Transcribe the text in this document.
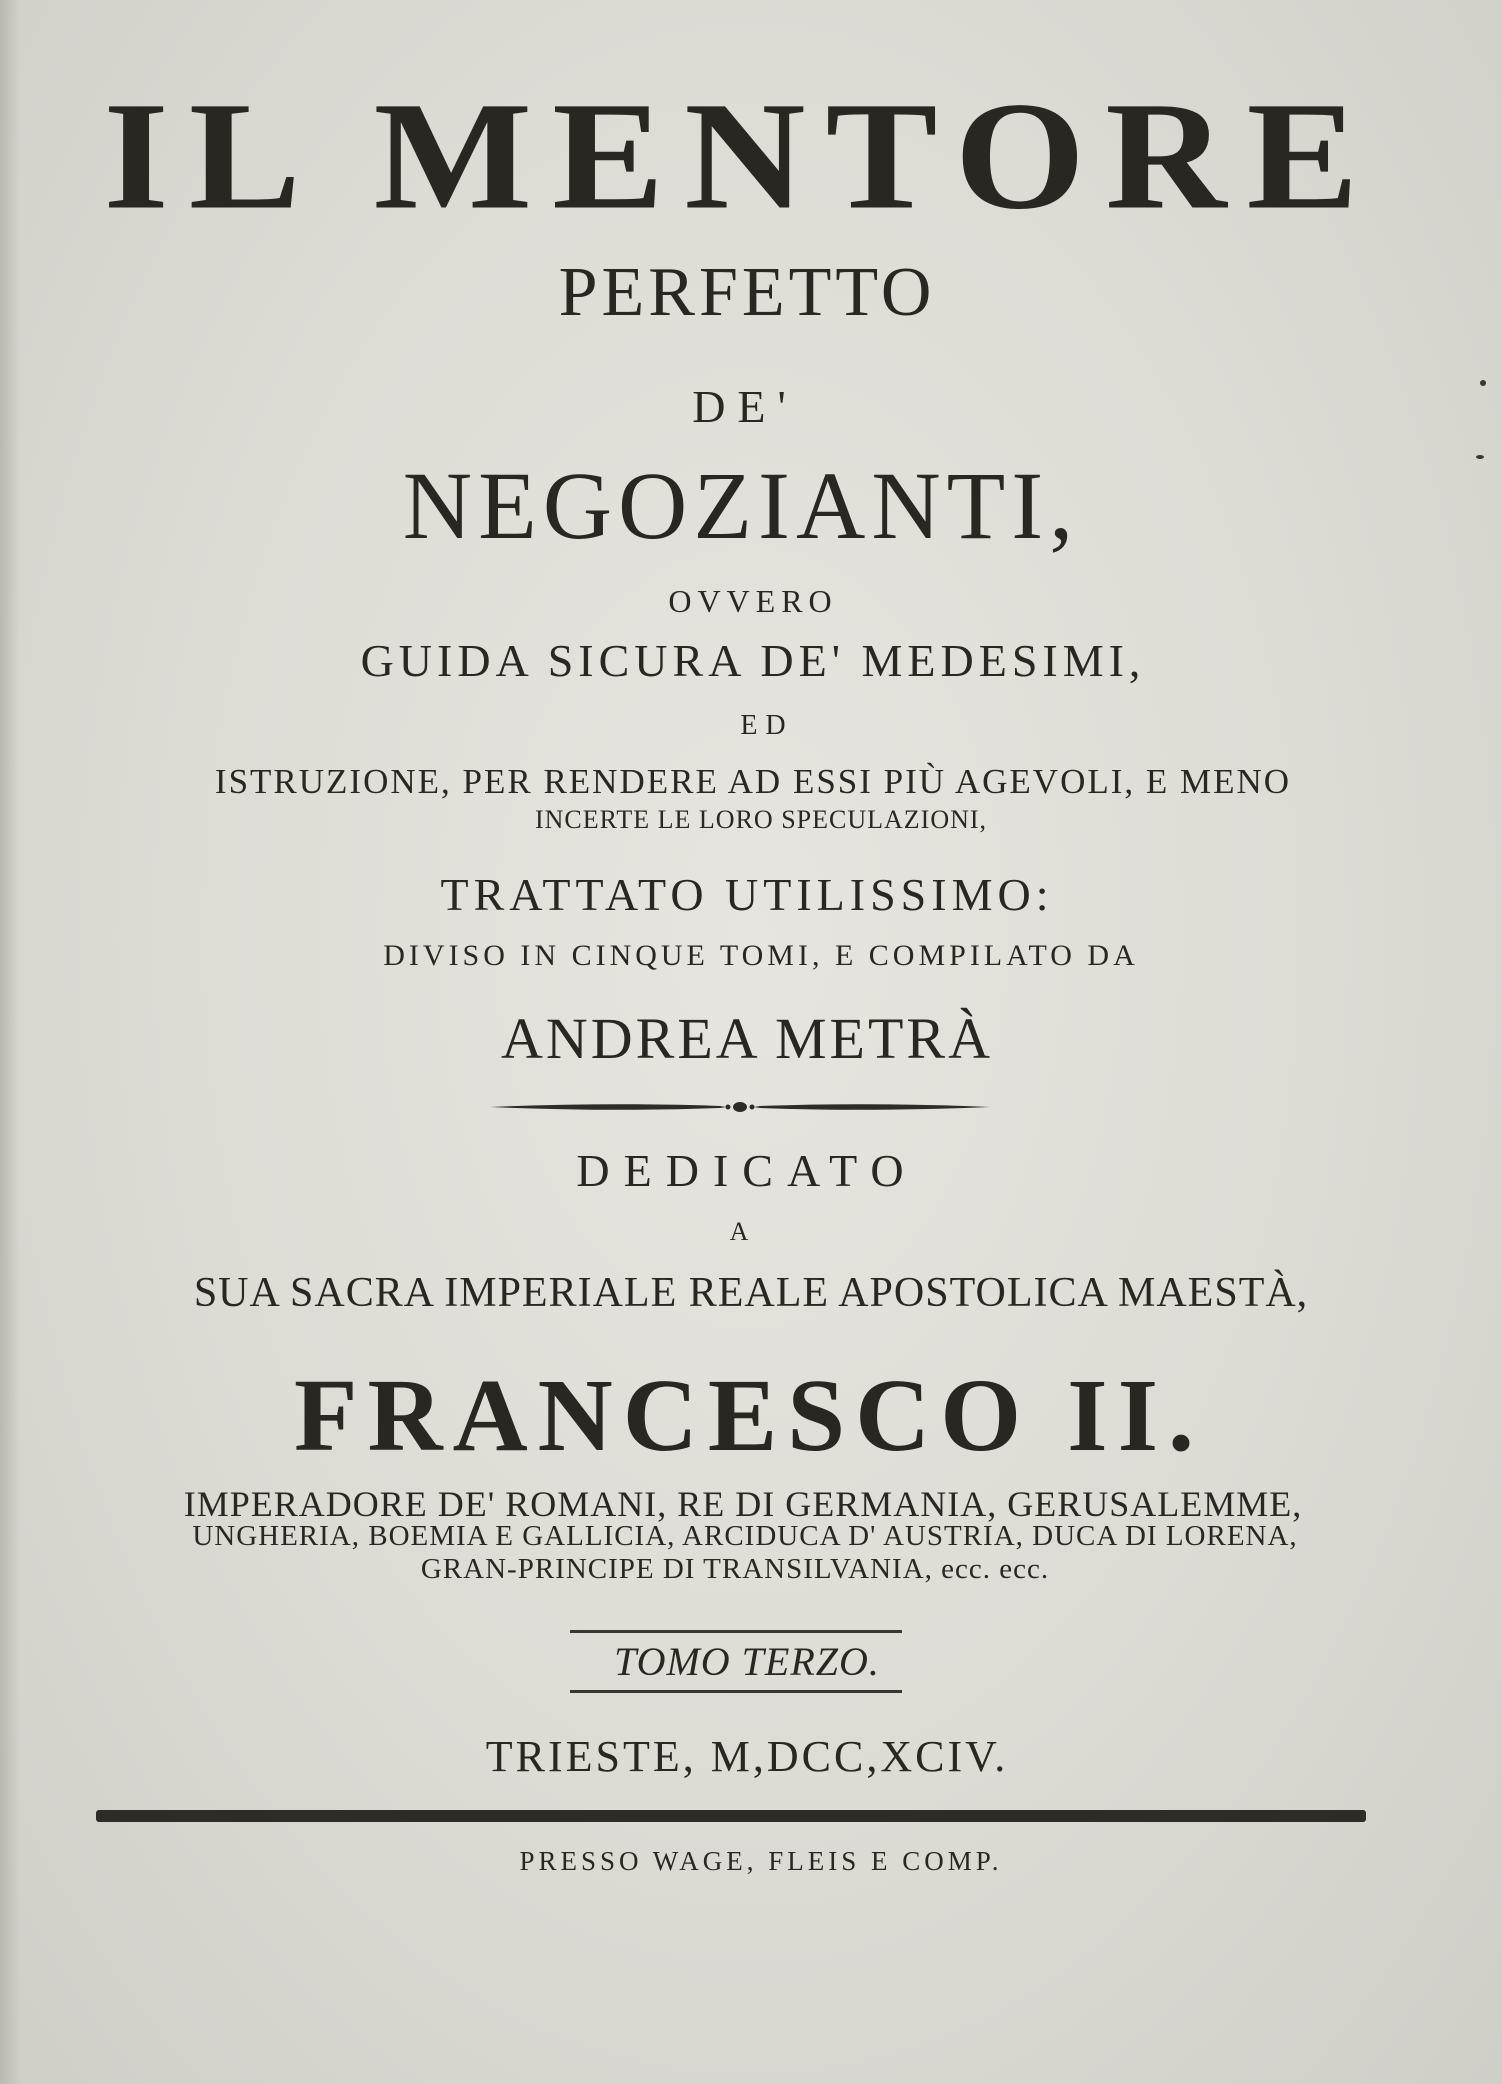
IL MENTORE
PERFETTO
DE'
NEGOZIANTI,
OVVERO
GUIDA SICURA DE' MEDESIMI,
ED
ISTRUZIONE, PER RENDERE AD ESSI PIÙ AGEVOLI, E MENO
INCERTE LE LORO SPECULAZIONI,
TRATTATO UTILISSIMO:
DIVISO IN CINQUE TOMI, E COMPILATO DA
ANDREA METRÀ
DEDICATO
A
SUA SACRA IMPERIALE REALE APOSTOLICA MAESTÀ,
FRANCESCO II.
IMPERADORE DE' ROMANI, RE DI GERMANIA, GERUSALEMME,
UNGHERIA, BOEMIA E GALLICIA, ARCIDUCA D' AUSTRIA, DUCA DI LORENA,
GRAN-PRINCIPE DI TRANSILVANIA, ecc. ecc.
TOMO TERZO.
TRIESTE, M,DCC,XCIV.
PRESSO WAGE, FLEIS E COMP.
